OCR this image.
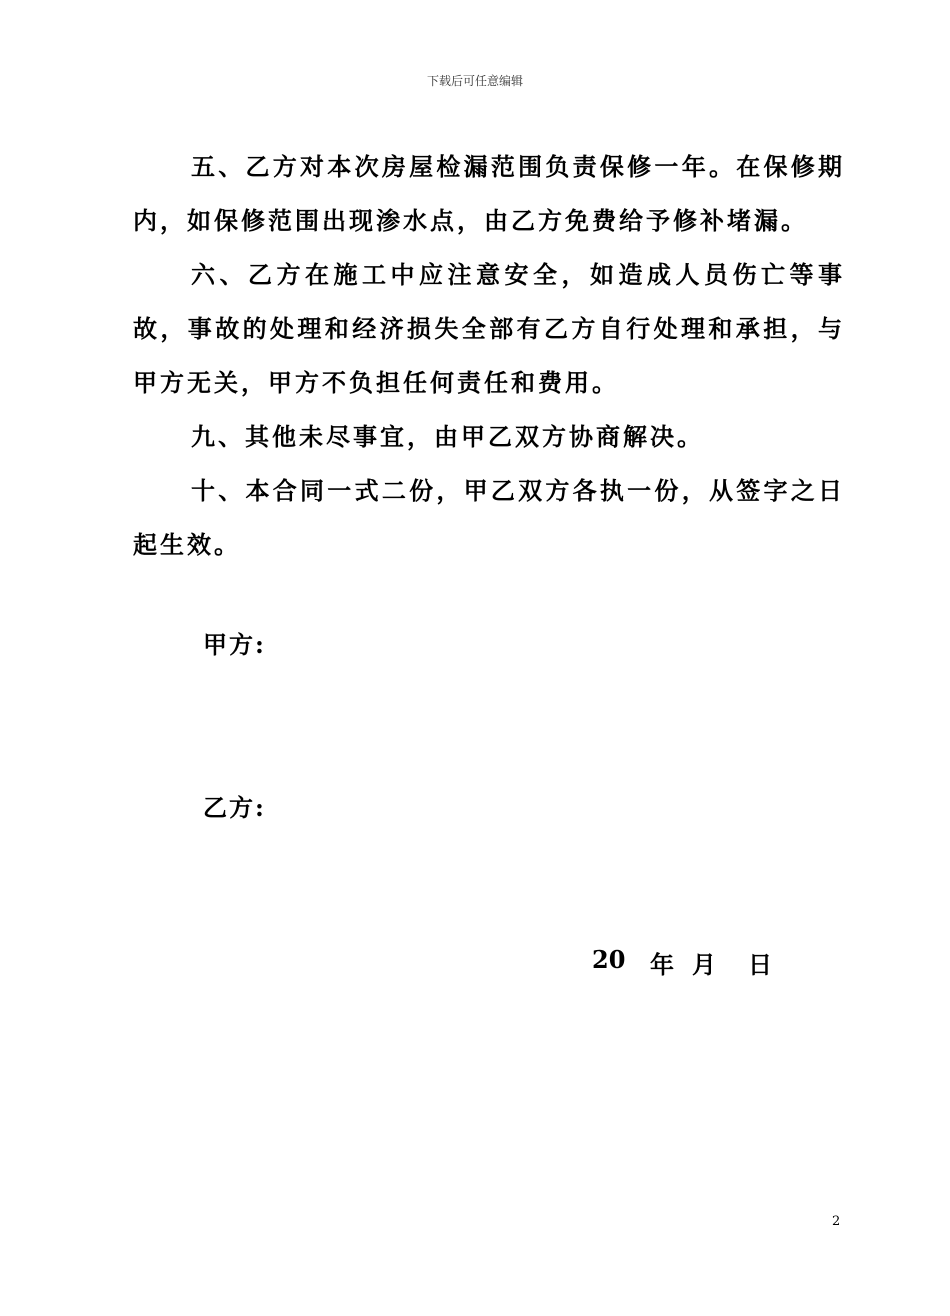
下载后可任意编辑

五、乙方对本次房屋检漏范围负责保修一年。在保修期内，如保修范围出现渗水点，由乙方免费给予修补堵漏。

六、乙方在施工中应注意安全，如造成人员伤亡等事故，事故的处理和经济损失全部有乙方自行处理和承担，与甲方无关，甲方不负担任何责任和费用。

九、其他未尽事宜，由甲乙双方协商解决。

十、本合同一式二份，甲乙双方各执一份，从签字之日起生效。

甲方:
乙方:
20	年 月	日
2
